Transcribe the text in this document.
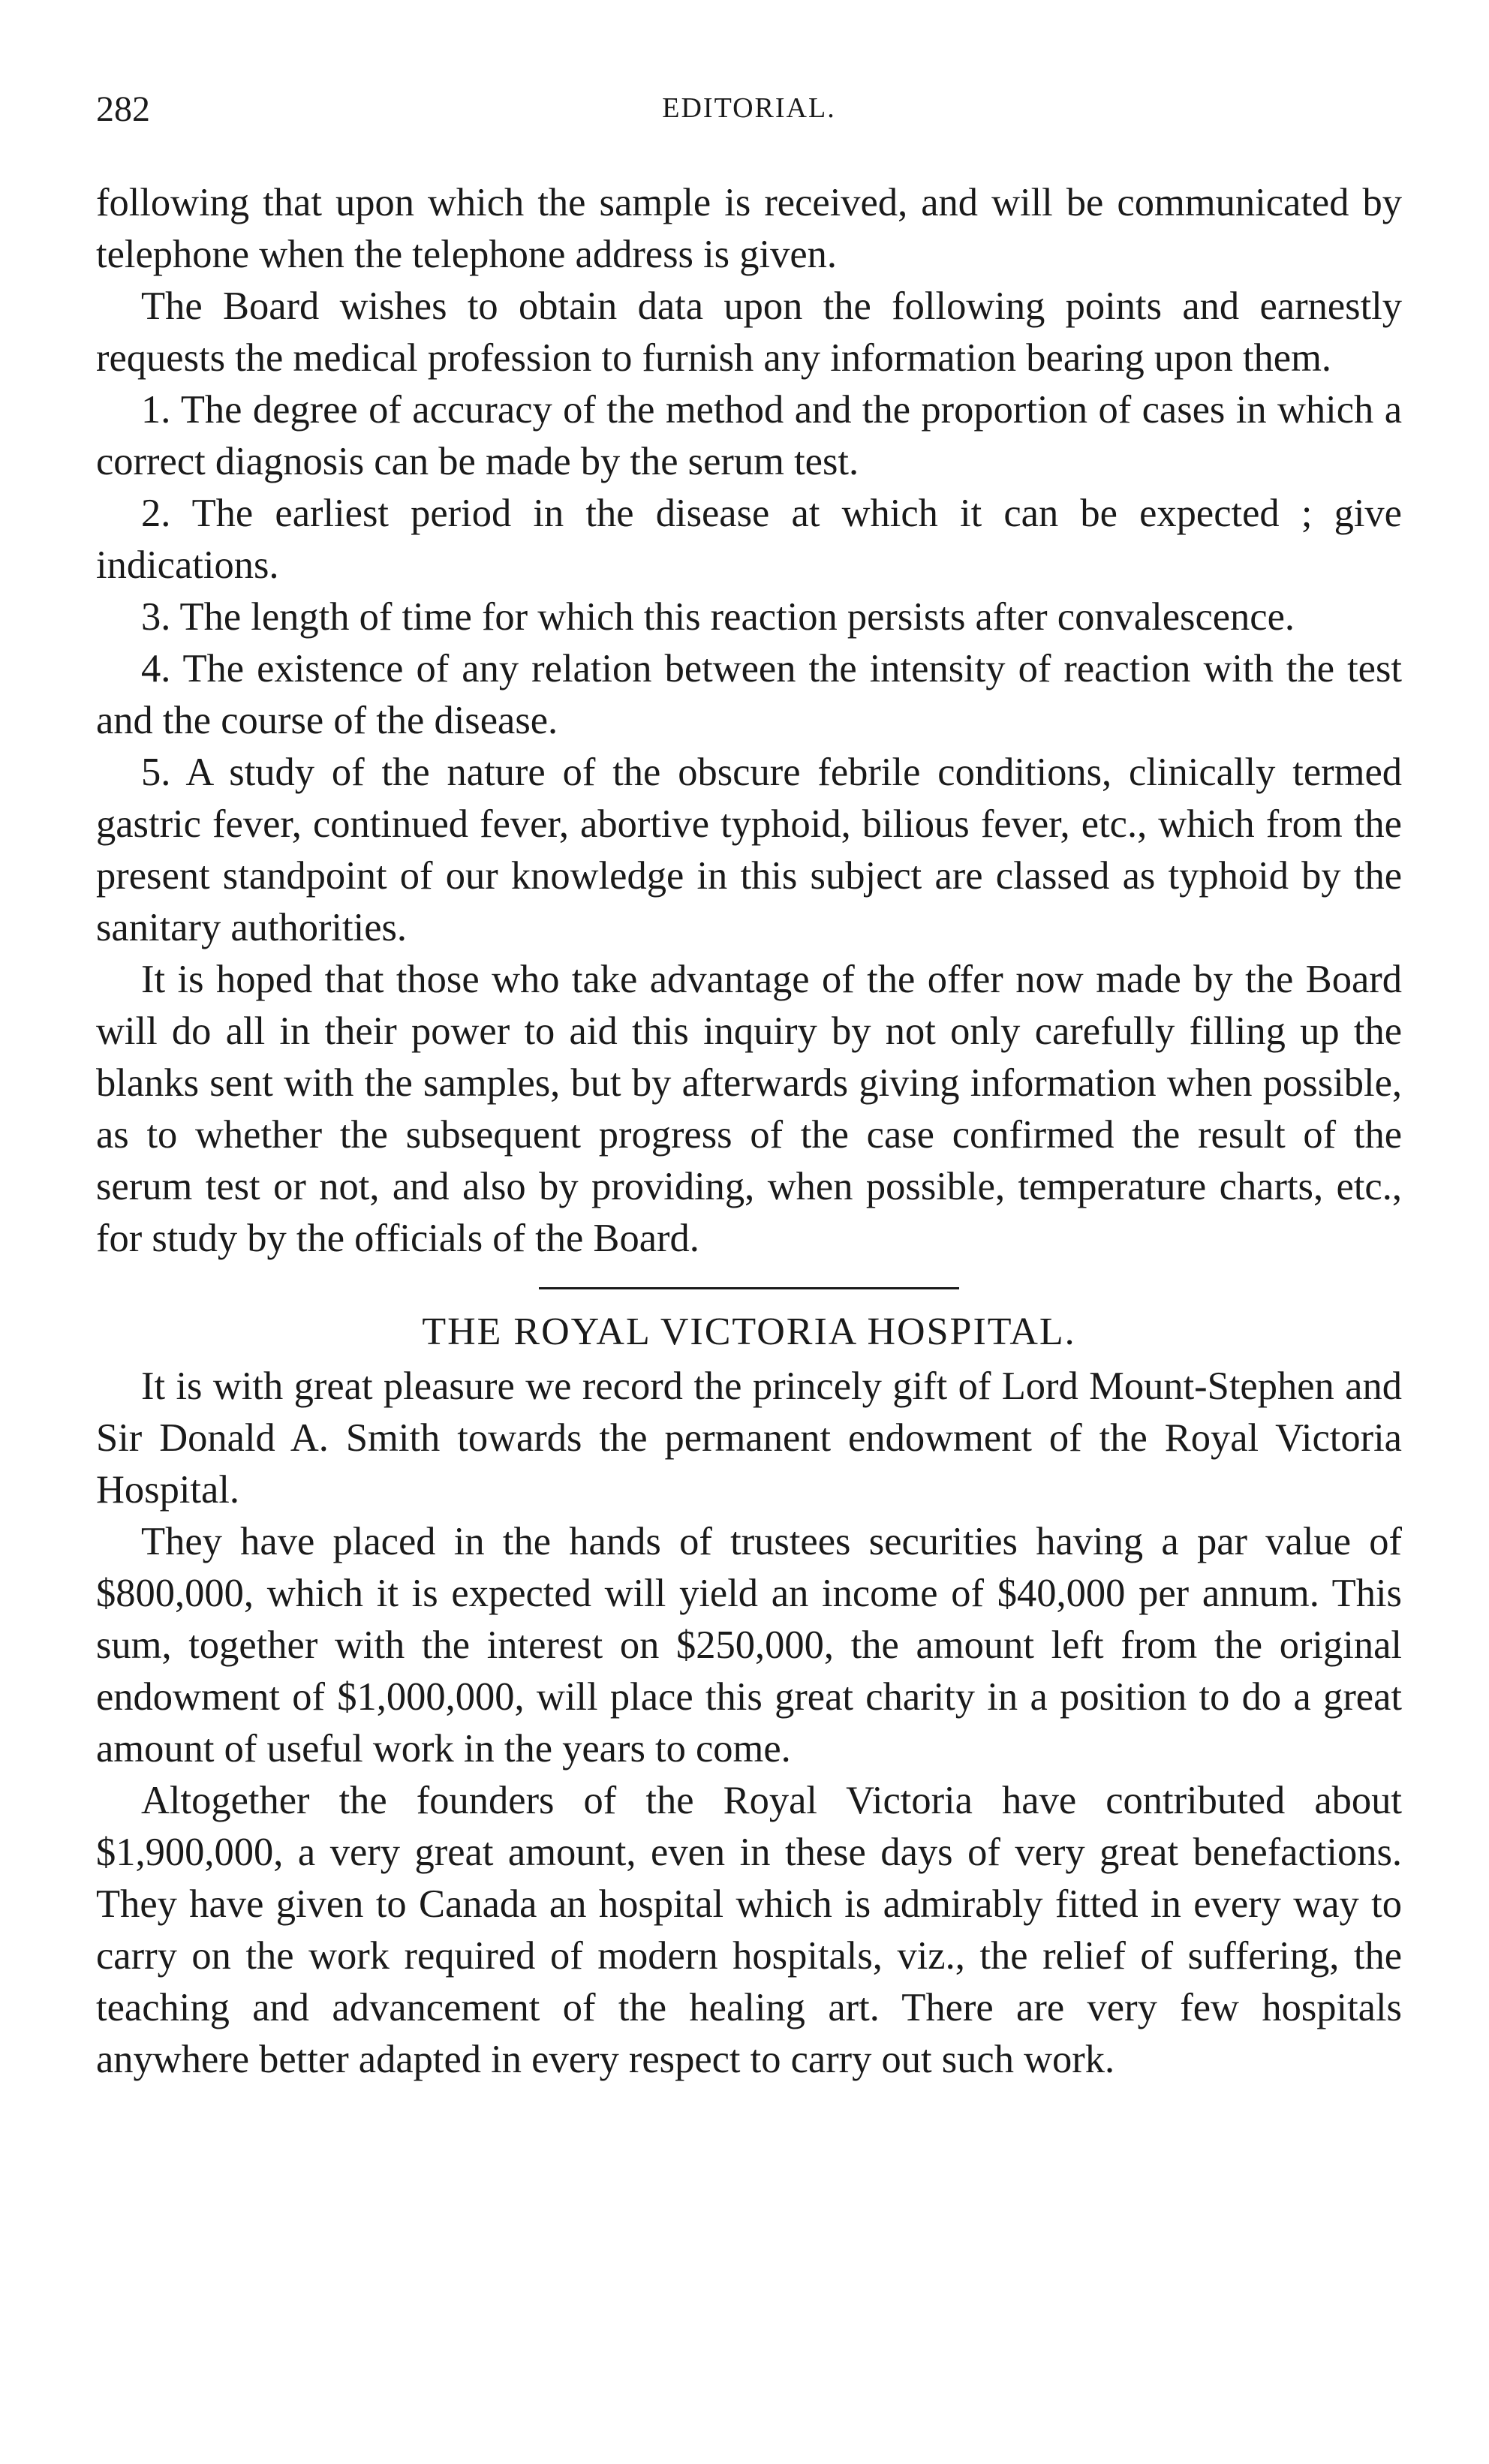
282	EDITORIAL.

following that upon which the sample is received, and will be communicated by telephone when the telephone address is given.

The Board wishes to obtain data upon the following points and earnestly requests the medical profession to furnish any information bearing upon them.

1. The degree of accuracy of the method and the proportion of cases in which a correct diagnosis can be made by the serum test.

2. The earliest period in the disease at which it can be expected ; give indications.

3. The length of time for which this reaction persists after convalescence.

4. The existence of any relation between the intensity of reaction with the test and the course of the disease.

5. A study of the nature of the obscure febrile conditions, clinically termed gastric fever, continued fever, abortive typhoid, bilious fever, etc., which from the present standpoint of our knowledge in this subject are classed as typhoid by the sanitary authorities.

It is hoped that those who take advantage of the offer now made by the Board will do all in their power to aid this inquiry by not only carefully filling up the blanks sent with the samples, but by afterwards giving information when possible, as to whether the subsequent progress of the case confirmed the result of the serum test or not, and also by providing, when possible, temperature charts, etc., for study by the officials of the Board.

THE ROYAL VICTORIA HOSPITAL.

It is with great pleasure we record the princely gift of Lord Mount-Stephen and Sir Donald A. Smith towards the permanent endowment of the Royal Victoria Hospital.

They have placed in the hands of trustees securities having a par value of $800,000, which it is expected will yield an income of $40,000 per annum. This sum, together with the interest on $250,000, the amount left from the original endowment of $1,000,000, will place this great charity in a position to do a great amount of useful work in the years to come.

Altogether the founders of the Royal Victoria have contributed about $1,900,000, a very great amount, even in these days of very great benefactions. They have given to Canada an hospital which is admirably fitted in every way to carry on the work required of modern hospitals, viz., the relief of suffering, the teaching and advancement of the healing art. There are very few hospitals anywhere better adapted in every respect to carry out such work.
